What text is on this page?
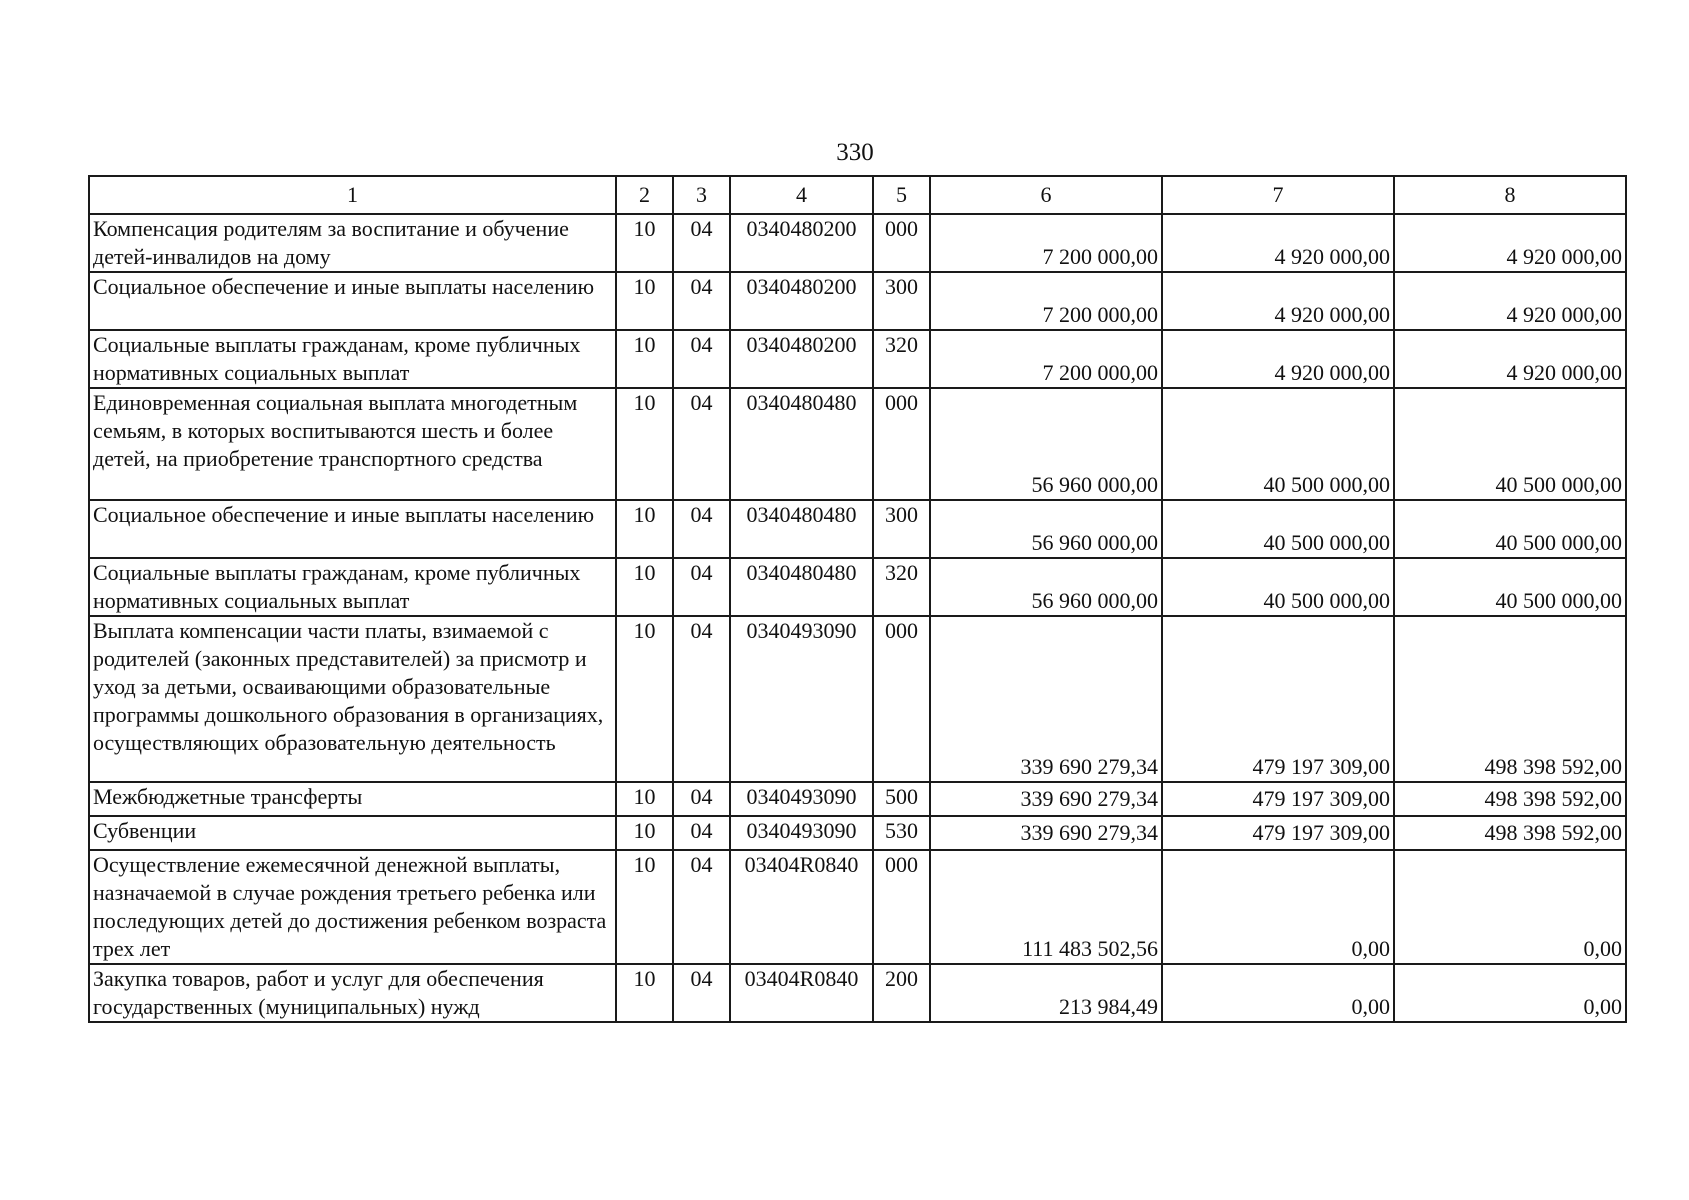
330
1	2	3	4	5	6	7	8
Компенсация родителям за воспитание и обучение детей-инвалидов на дому	10	04	0340480200	000	7 200 000,00	4 920 000,00	4 920 000,00
Социальное обеспечение и иные выплаты населению	10	04	0340480200	300	7 200 000,00	4 920 000,00	4 920 000,00
Социальные выплаты гражданам, кроме публичных нормативных социальных выплат	10	04	0340480200	320	7 200 000,00	4 920 000,00	4 920 000,00
Единовременная социальная выплата многодетным семьям, в которых воспитываются шесть и более детей, на приобретение транспортного средства	10	04	0340480480	000	56 960 000,00	40 500 000,00	40 500 000,00
Социальное обеспечение и иные выплаты населению	10	04	0340480480	300	56 960 000,00	40 500 000,00	40 500 000,00
Социальные выплаты гражданам, кроме публичных нормативных социальных выплат	10	04	0340480480	320	56 960 000,00	40 500 000,00	40 500 000,00
Выплата компенсации части платы, взимаемой с родителей (законных представителей) за присмотр и уход за детьми, осваивающими образовательные программы дошкольного образования в организациях, осуществляющих образовательную деятельность	10	04	0340493090	000	339 690 279,34	479 197 309,00	498 398 592,00
Межбюджетные трансферты	10	04	0340493090	500	339 690 279,34	479 197 309,00	498 398 592,00
Субвенции	10	04	0340493090	530	339 690 279,34	479 197 309,00	498 398 592,00
Осуществление ежемесячной денежной выплаты, назначаемой в случае рождения третьего ребенка или последующих детей до достижения ребенком возраста трех лет	10	04	03404R0840	000	111 483 502,56	0,00	0,00
Закупка товаров, работ и услуг для обеспечения государственных (муниципальных) нужд	10	04	03404R0840	200	213 984,49	0,00	0,00
